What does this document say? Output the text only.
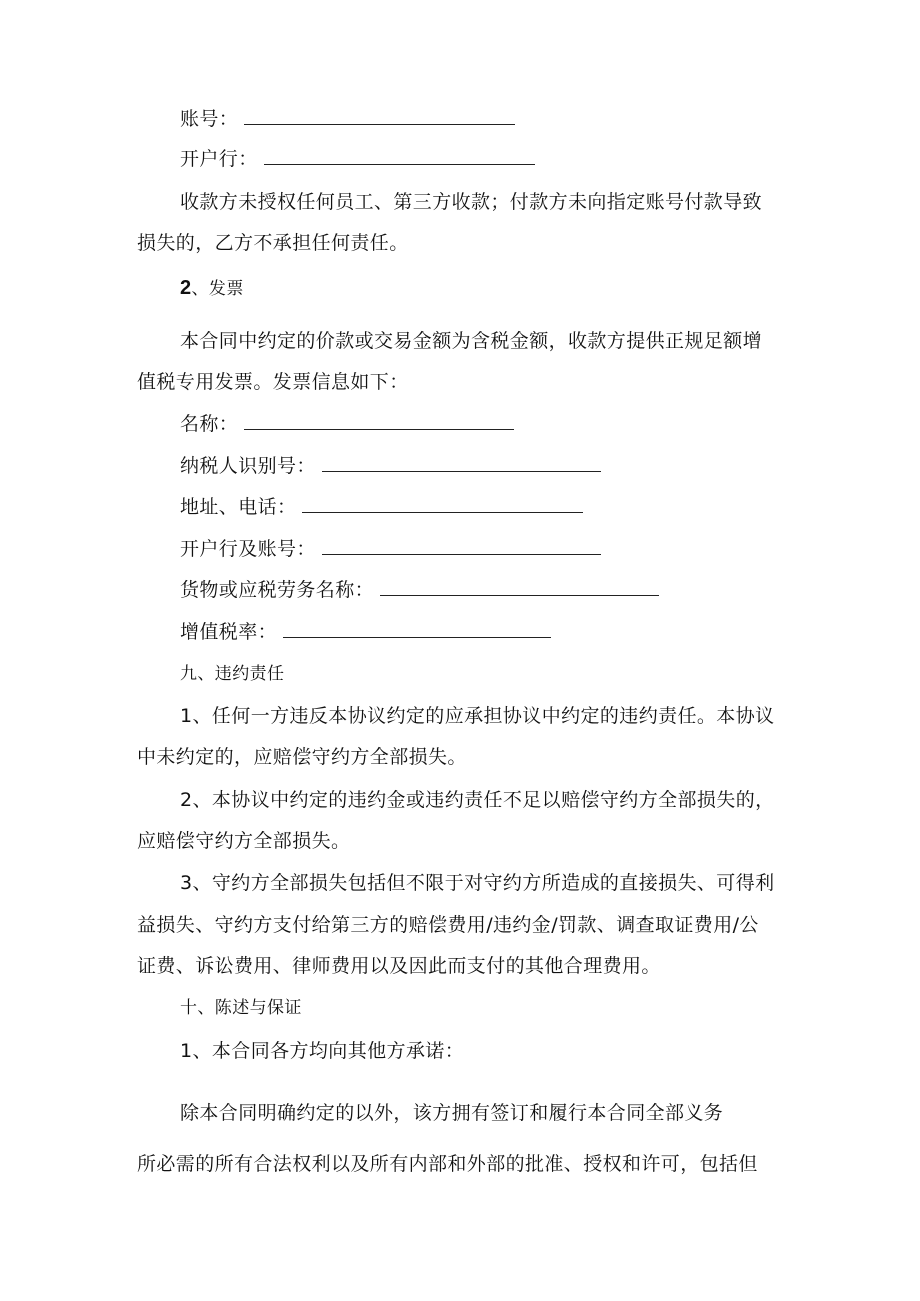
账号：
开户行：
收款方未授权任何员工、第三方收款；付款方未向指定账号付款导致
损失的，乙方不承担任何责任。
2、发票
本合同中约定的价款或交易金额为含税金额，收款方提供正规足额增
值税专用发票。发票信息如下：
名称：
纳税人识别号：
地址、电话：
开户行及账号：
货物或应税劳务名称：
增值税率：
九、违约责任
1、任何一方违反本协议约定的应承担协议中约定的违约责任。本协议
中未约定的，应赔偿守约方全部损失。
2、本协议中约定的违约金或违约责任不足以赔偿守约方全部损失的，
应赔偿守约方全部损失。
3、守约方全部损失包括但不限于对守约方所造成的直接损失、可得利
益损失、守约方支付给第三方的赔偿费用/违约金/罚款、调查取证费用/公
证费、诉讼费用、律师费用以及因此而支付的其他合理费用。
十、陈述与保证
1、本合同各方均向其他方承诺：
除本合同明确约定的以外，该方拥有签订和履行本合同全部义务
所必需的所有合法权利以及所有内部和外部的批准、授权和许可，包括但
